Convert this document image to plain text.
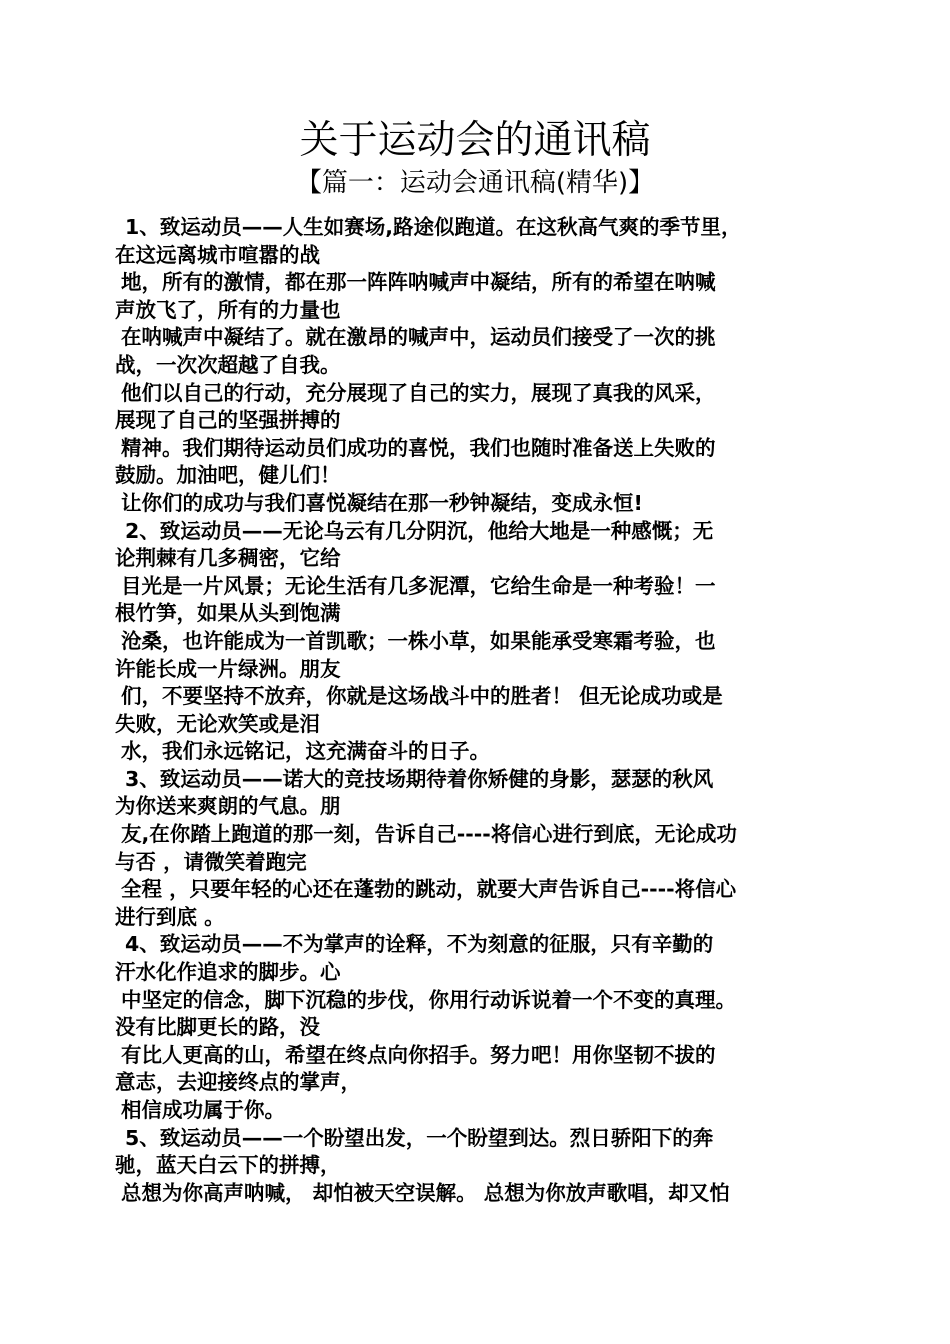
关于运动会的通讯稿
【篇一：运动会通讯稿(精华)】
1、致运动员——人生如赛场,路途似跑道。在这秋高气爽的季节里，
在这远离城市喧嚣的战
地，所有的激情，都在那一阵阵呐喊声中凝结，所有的希望在呐喊
声放飞了，所有的力量也
在呐喊声中凝结了。就在激昂的喊声中，运动员们接受了一次的挑
战，一次次超越了自我。
他们以自己的行动，充分展现了自己的实力，展现了真我的风采，
展现了自己的坚强拼搏的
精神。我们期待运动员们成功的喜悦，我们也随时准备送上失败的
鼓励。加油吧，健儿们！
让你们的成功与我们喜悦凝结在那一秒钟凝结，变成永恒!
2、致运动员——无论乌云有几分阴沉，他给大地是一种感慨；无
论荆棘有几多稠密，它给
目光是一片风景；无论生活有几多泥潭，它给生命是一种考验！一
根竹笋，如果从头到饱满
沧桑，也许能成为一首凯歌；一株小草，如果能承受寒霜考验，也
许能长成一片绿洲。朋友
们，不要坚持不放弃，你就是这场战斗中的胜者！ 但无论成功或是
失败，无论欢笑或是泪
水，我们永远铭记，这充满奋斗的日子。
3、致运动员——诺大的竞技场期待着你矫健的身影，瑟瑟的秋风
为你送来爽朗的气息。朋
友,在你踏上跑道的那一刻，告诉自己----将信心进行到底，无论成功
与否 ，请微笑着跑完
全程 ，只要年轻的心还在蓬勃的跳动，就要大声告诉自己----将信心
进行到底 。
4、致运动员——不为掌声的诠释，不为刻意的征服，只有辛勤的
汗水化作追求的脚步。心
中坚定的信念，脚下沉稳的步伐，你用行动诉说着一个不变的真理。
没有比脚更长的路，没
有比人更高的山，希望在终点向你招手。努力吧！用你坚韧不拔的
意志，去迎接终点的掌声，
相信成功属于你。
5、致运动员——一个盼望出发，一个盼望到达。烈日骄阳下的奔
驰，蓝天白云下的拼搏，
总想为你高声呐喊， 却怕被天空误解。 总想为你放声歌唱，却又怕
